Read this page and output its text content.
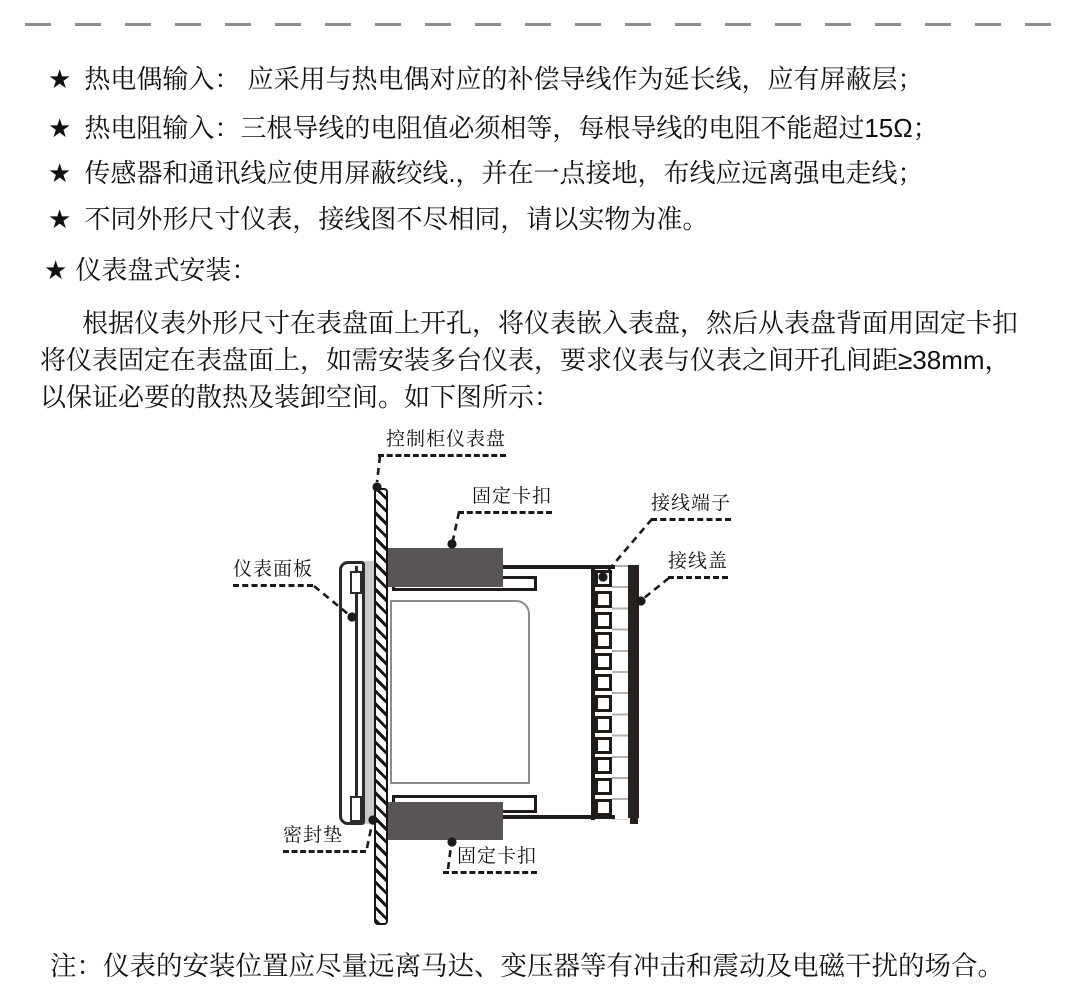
★ 热电偶输入： 应采用与热电偶对应的补偿导线作为延长线，应有屏蔽层；
★ 热电阻输入：三根导线的电阻值必须相等，每根导线的电阻不能超过15Ω；
★ 传感器和通讯线应使用屏蔽绞线.，并在一点接地，布线应远离强电走线；
★ 不同外形尺寸仪表，接线图不尽相同，请以实物为准。
★ 仪表盘式安装：
根据仪表外形尺寸在表盘面上开孔，将仪表嵌入表盘，然后从表盘背面用固定卡扣
将仪表固定在表盘面上，如需安装多台仪表，要求仪表与仪表之间开孔间距≥38mm，
以保证必要的散热及装卸空间。如下图所示：
控制柜仪表盘
固定卡扣	接线端子
接线盖
仪表面板
密封垫
固定卡扣
注：仪表的安装位置应尽量远离马达、变压器等有冲击和震动及电磁干扰的场合。
